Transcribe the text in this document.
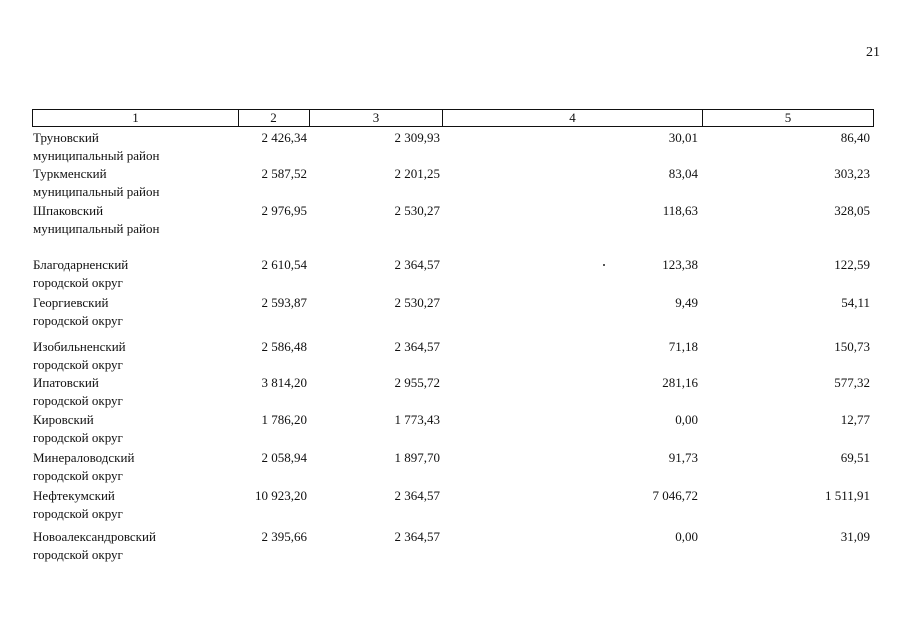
21
1	2	3	4	5
Труновский
муниципальный район
2 426,34	2 309,93	30,01	86,40
Туркменский
муниципальный район
2 587,52	2 201,25	83,04	303,23
Шпаковский
муниципальный район
2 976,95	2 530,27	118,63	328,05
Благодарненский
городской округ
2 610,54	2 364,57	123,38	122,59
Георгиевский
городской округ
2 593,87	2 530,27	9,49	54,11
Изобильненский
городской округ
2 586,48	2 364,57	71,18	150,73
Ипатовский
городской округ
3 814,20	2 955,72	281,16	577,32
Кировский
городской округ
1 786,20	1 773,43	0,00	12,77
Минераловодский
городской округ
2 058,94	1 897,70	91,73	69,51
Нефтекумский
городской округ
10 923,20	2 364,57	7 046,72	1 511,91
Новоалександровский
городской округ
2 395,66	2 364,57	0,00	31,09
